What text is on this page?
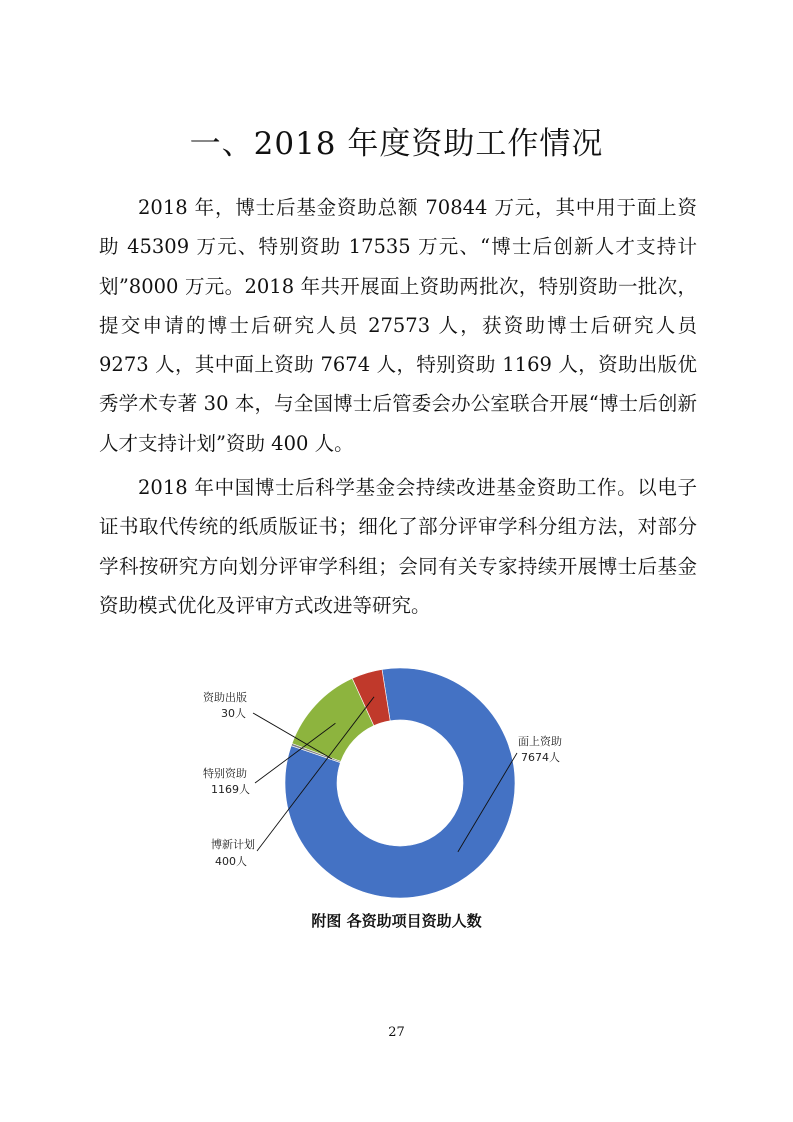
一、2018 年度资助工作情况

2018 年，博士后基金资助总额 70844 万元，其中用于面上资助 45309 万元、特别资助 17535 万元、“博士后创新人才支持计划”8000 万元。2018 年共开展面上资助两批次，特别资助一批次，提交申请的博士后研究人员 27573 人，获资助博士后研究人员 9273 人，其中面上资助 7674 人，特别资助 1169 人，资助出版优秀学术专著 30 本，与全国博士后管委会办公室联合开展“博士后创新人才支持计划”资助 400 人。

2018 年中国博士后科学基金会持续改进基金资助工作。以电子证书取代传统的纸质版证书；细化了部分评审学科分组方法，对部分学科按研究方向划分评审学科组；会同有关专家持续开展博士后基金资助模式优化及评审方式改进等研究。

资助出版
30人
特别资助
1169人
博新计划
400人
面上资助
7674人

附图 各资助项目资助人数

27
